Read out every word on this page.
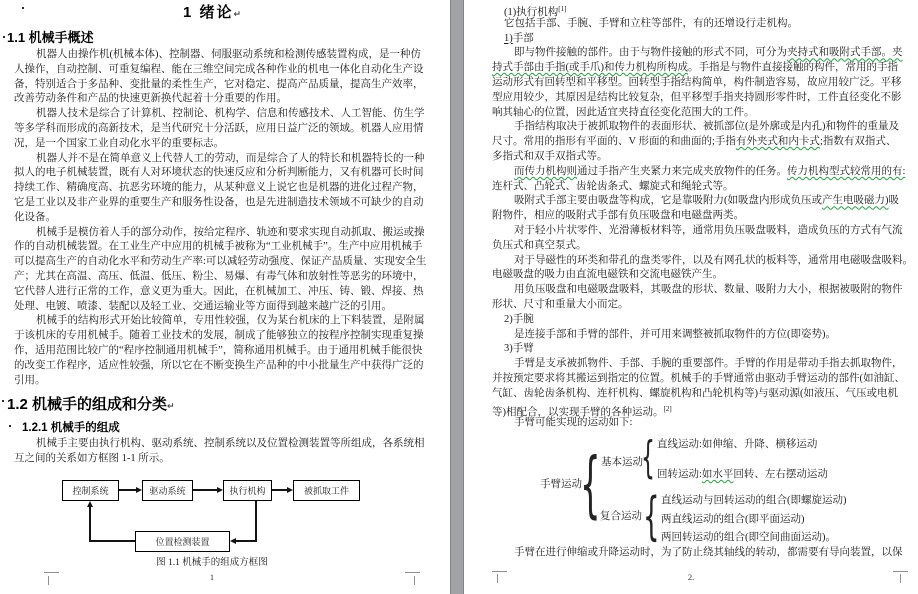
1 绪论↵
1.1 机械手概述
机器人由操作机(机械本体)、控制器、伺服驱动系统和检测传感装置构成，是一种仿
人操作，自动控制、可重复编程、能在三维空间完成各种作业的机电一体化自动化生产设
备，特别适合于多品种、变批量的柔性生产，它对稳定、提高产品质量，提高生产效率，
改善劳动条件和产品的快速更新换代起着十分重要的作用。
机器人技术是综合了计算机、控制论、机构学、信息和传感技术、人工智能、仿生学
等多学科而形成的高新技术，是当代研究十分活跃，应用日益广泛的领域。机器人应用情
况，是一个国家工业自动化水平的重要标志。
机器人并不是在简单意义上代替人工的劳动，而是综合了人的特长和机器特长的一种
拟人的电子机械装置，既有人对环境状态的快速反应和分析判断能力，又有机器可长时间
持续工作、精确度高、抗恶劣环境的能力，从某种意义上说它也是机器的进化过程产物，
它是工业以及非产业界的重要生产和服务性设备，也是先进制造技术领域不可缺少的自动
化设备。
机械手是模仿着人手的部分动作，按给定程序、轨迹和要求实现自动抓取、搬运或操
作的自动机械装置。在工业生产中应用的机械手被称为“工业机械手”。生产中应用机械手
可以提高生产的自动化水平和劳动生产率:可以减轻劳动强度、保证产品质量、实现安全生
产；尤其在高温、高压、低温、低压、粉尘、易爆、有毒气体和放射性等恶劣的环境中，
它代替人进行正常的工作，意义更为重大。因此，在机械加工、冲压、铸、锻、焊接、热
处理、电镀、喷漆、装配以及轻工业、交通运输业等方面得到越来越广泛的引用。
机械手的结构形式开始比较简单，专用性较强，仅为某台机床的上下料装置，是附属
于该机床的专用机械手。随着工业技术的发展，制成了能够独立的按程序控制实现重复操
作，适用范围比较广的“程序控制通用机械手”，简称通用机械手。由于通用机械手能很快
的改变工作程序，适应性较强，所以它在不断变换生产品种的中小批量生产中获得广泛的
引用。
1.2 机械手的组成和分类↵
1.2.1 机械手的组成
机械手主要由执行机构、驱动系统、控制系统以及位置检测装置等所组成，各系统相
互之间的关系如方框图 1-1 所示。
控制系统	驱动系统	执行机构	被抓取工件
位置检测装置
图 1.1 机械手的组成方框图
1
(1)执行机构[1]
它包括手部、手腕、手臂和立柱等部件，有的还增设行走机构。
1)手部
即与物件接触的部件。由于与物件接触的形式不同，可分为夹持式和吸附式手部。夹
持式手部由手指(或手爪)和传力机构所构成。手指是与物件直接接触的构件，常用的手指
运动形式有回转型和平移型。回转型手指结构简单，构件制造容易，故应用较广泛。平移
型应用较少，其原因是结构比较复杂，但平移型手指夹持圆形零件时，工件直径变化不影
响其轴心的位置，因此适宜夹持直径变化范围大的工件。
手指结构取决于被抓取物件的表面形状、被抓部位(是外廓或是内孔)和物件的重量及
尺寸。常用的指形有平面的、V 形面的和曲面的;手指有外夹式和内卡式;指数有双指式、
多指式和双手双指式等。
而传力机构则通过手指产生夹紧力来完成夹放物件的任务。传力机构型式较常用的有:
连杆式、凸轮式、齿轮齿条式、螺旋式和绳轮式等。
吸附式手部主要由吸盘等构成，它是靠吸附力(如吸盘内形成负压或产生电吸磁力)吸
附物件，相应的吸附式手部有负压吸盘和电磁盘两类。
对于轻小片状零件、光滑薄板材料等，通常用负压吸盘吸料，造成负压的方式有气流
负压式和真空泵式。
对于导磁性的环类和带孔的盘类零件，以及有网孔状的板料等，通常用电磁吸盘吸料。
电磁吸盘的吸力由直流电磁铁和交流电磁铁产生。
用负压吸盘和电磁吸盘吸料，其吸盘的形状、数量、吸附力大小，根据被吸附的物件
形状、尺寸和重量大小而定。
2)手腕
是连接手部和手臂的部件，并可用来调整被抓取物件的方位(即姿势)。
3)手臂
手臂是支承被抓物件、手部、手腕的重要部件。手臂的作用是带动手指去抓取物件，
并按预定要求将其搬运到指定的位置。机械手的手臂通常由驱动手臂运动的部件(如油缸、
气缸、齿轮齿条机构、连杆机构、螺旋机构和凸轮机构等)与驱动源(如液压、气压或电机
等)相配合，以实现手臂的各种运动。[2]
手臂可能实现的运动如下:
手臂运动
{ 基本运动
{ 直线运动:如伸缩、升降、横移运动
回转运动:如水平回转、左右摆动运动
复合运动 { 直线运动与回转运动的组合(即螺旋运动)
两直线运动的组合(即平面运动)
两回转运动的组合(即空间曲面运动)。
手臂在进行伸缩或升降运动时，为了防止绕其轴线的转动，都需要有导向装置，以保
2.
